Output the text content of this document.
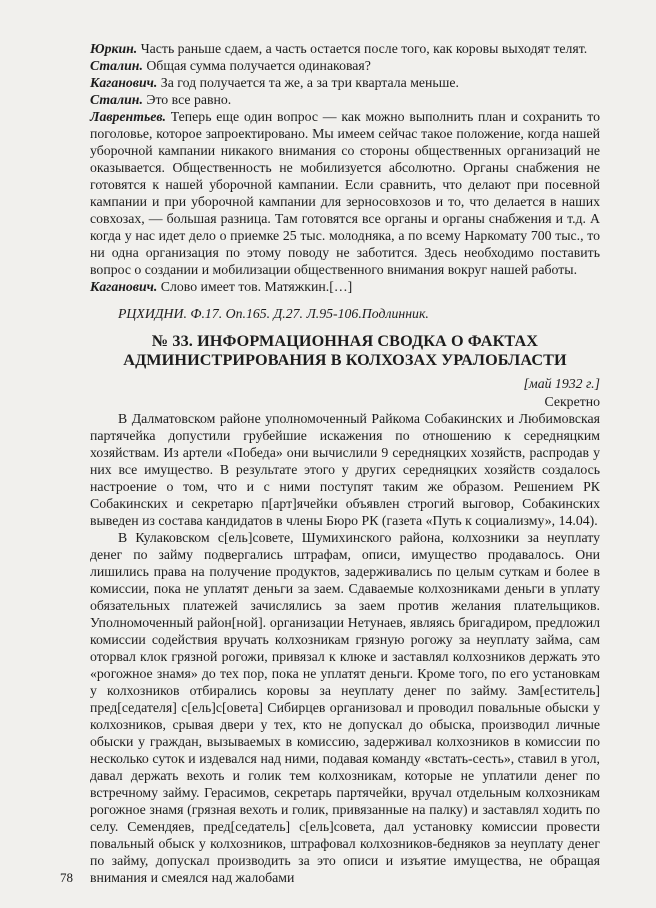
Юркин. Часть раньше сдаем, а часть остается после того, как коровы выходят телят.

Сталин. Общая сумма получается одинаковая?

Каганович. За год получается та же, а за три квартала меньше.

Сталин. Это все равно.

Лаврентьев. Теперь еще один вопрос — как можно выполнить план и сохранить то поголовье, которое запроектировано. Мы имеем сейчас такое положение, когда нашей уборочной кампании никакого внимания со стороны общественных организаций не оказывается. Общественность не мобилизуется абсолютно. Органы снабжения не готовятся к нашей уборочной кампании. Если сравнить, что делают при посевной кампании и при уборочной кампании для зерносовхозов и то, что делается в наших совхозах, — большая разница. Там готовятся все органы и органы снабжения и т.д. А когда у нас идет дело о приемке 25 тыс. молодняка, а по всему Наркомату 700 тыс., то ни одна организация по этому поводу не заботится. Здесь необходимо поставить вопрос о создании и мобилизации общественного внимания вокруг нашей работы.

Каганович. Слово имеет тов. Матяжкин.[…]

РЦХИДНИ. Ф.17. Оп.165. Д.27. Л.95-106.Подлинник.

№ 33. ИНФОРМАЦИОННАЯ СВОДКА О ФАКТАХ
АДМИНИСТРИРОВАНИЯ В КОЛХОЗАХ УРАЛОБЛАСТИ

[май 1932 г.]

Секретно

В Далматовском районе уполномоченный Райкома Собакинских и Любимовская партячейка допустили грубейшие искажения по отношению к середняцким хозяйствам. Из артели «Победа» они вычислили 9 середняцких хозяйств, распродав у них все имущество. В результате этого у других середняцких хозяйств создалось настроение о том, что и с ними поступят таким же образом. Решением РК Собакинских и секретарю п[арт]ячейки объявлен строгий выговор, Собакинских выведен из состава кандидатов в члены Бюро РК (газета «Путь к социализму», 14.04).

В Кулаковском с[ель]совете, Шумихинского района, колхозники за неуплату денег по займу подвергались штрафам, описи, имущество продавалось. Они лишились права на получение продуктов, задерживались по целым суткам и более в комиссии, пока не уплатят деньги за заем. Сдаваемые колхозниками деньги в уплату обязательных платежей зачислялись за заем против желания плательщиков. Уполномоченный район[ной]. организации Нетунаев, являясь бригадиром, предложил комиссии содействия вручать колхозникам грязную рогожу за неуплату займа, сам оторвал клок грязной рогожи, привязал к клюке и заставлял колхозников держать это «рогожное знамя» до тех пор, пока не уплатят деньги. Кроме того, по его установкам у колхозников отбирались коровы за неуплату денег по займу. Зам[еститель] пред[седателя] с[ель]с[овета] Сибирцев организовал и проводил повальные обыски у колхозников, срывая двери у тех, кто не допускал до обыска, производил личные обыски у граждан, вызываемых в комиссию, задерживал колхозников в комиссии по несколько суток и издевался над ними, подавая команду «встать-сесть», ставил в угол, давал держать вехоть и голик тем колхозникам, которые не уплатили денег по встречному займу. Герасимов, секретарь партячейки, вручал отдельным колхозникам рогожное знамя (грязная вехоть и голик, привязанные на палку) и заставлял ходить по селу. Семендяев, пред[седатель] с[ель]совета, дал установку комиссии провести повальный обыск у колхозников, штрафовал колхозников-бедняков за неуплату денег по займу, допускал производить за это описи и изъятие имущества, не обращая внимания и смеялся над жалобами

78
